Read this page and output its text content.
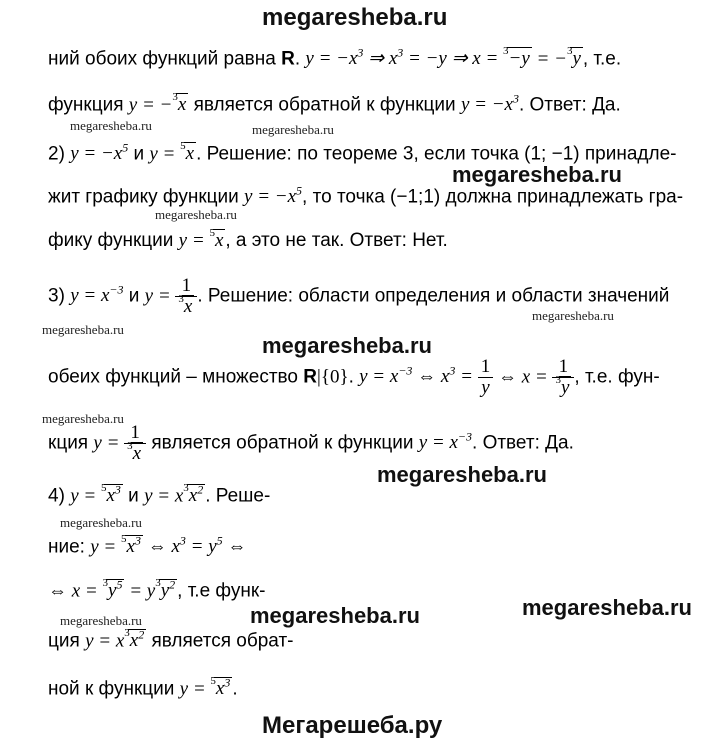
megaresheba.ru
megaresheba.ru	megaresheba.ru
megaresheba.ru
megaresheba.ru
megaresheba.ru
megaresheba.ru
megaresheba.ru
megaresheba.ru
megaresheba.ru
megaresheba.ru
megaresheba.ru	megaresheba.ru	megaresheba.ru
Мегарешеба.ру
ний обоих функций равна R. $y = -x^3$ ⇒ $x^3 = -y$ ⇒ x = $^3$−y = −$^3$y , т.е.
функция y = −$^3$x является обратной к функции $y = -x^3$. Ответ: Да.
2) $y = -x^5$ и y = $^5$x . Решение: по теореме 3, если точка (1; −1) принадле-
жит графику функции $y = -x^5$, то точка (−1;1) должна принадлежать гра-
фику функции y = $^5$x , а это не так. Ответ: Нет.
3) $y = x^{-3}$ и $y = \frac{1}{^3x}$ . Решение: области определения и области значений
обеих функций – множество R|{0}. $y = x^{-3}$ ⇔ $x^3 = \frac{1}{y}$ ⇔ $x = \frac{1}{^3y}$ , т.е. фун-
кция $y = \frac{1}{^3x}$ является обратной к функции $y = x^{-3}$. Ответ: Да.
4) $y = ^5x^3$ и $y = x^3x^2$ . Реше-
ние: $y = ^5x^3$ ⇔ $x^3 = y^5$ ⇔
⇔ $x = ^3y^5 = y^3y^2$ , т.е функ-
ция $y = x^3x^2$ является обрат-
ной к функции $y = ^5x^3$ .
